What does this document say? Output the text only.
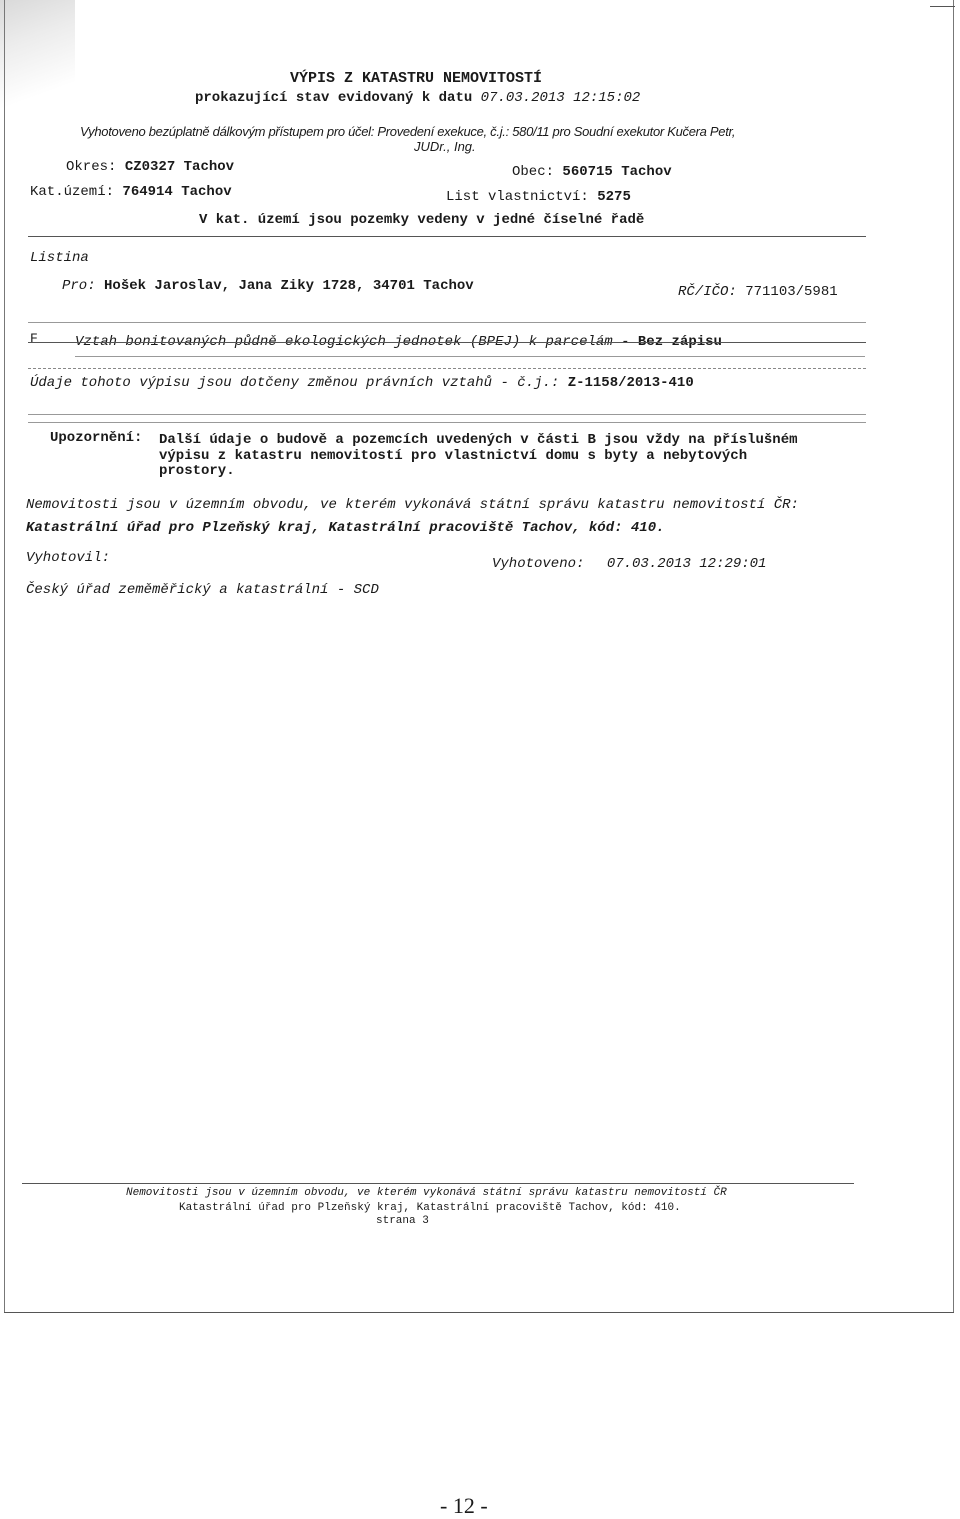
VÝPIS Z KATASTRU NEMOVITOSTÍ
prokazující stav evidovaný k datu 07.03.2013 12:15:02
Vyhotoveno bezúplatně dálkovým přístupem pro účel: Provedení exekuce, č.j.: 580/11 pro Soudní exekutor Kučera Petr,
JUDr., Ing.
Okres: CZ0327 Tachov	Obec: 560715 Tachov
Kat.území: 764914 Tachov	List vlastnictví: 5275
V kat. území jsou pozemky vedeny v jedné číselné řadě
Listina
Pro: Hošek Jaroslav, Jana Ziky 1728, 34701 Tachov	RČ/IČO: 771103/5981
F	Vztah bonitovaných půdně ekologických jednotek (BPEJ) k parcelám - Bez zápisu
Údaje tohoto výpisu jsou dotčeny změnou právních vztahů - č.j.: Z-1158/2013-410
Upozornění: Další údaje o budově a pozemcích uvedených v části B jsou vždy na příslušném
výpisu z katastru nemovitostí pro vlastnictví domu s byty a nebytových
prostory.
Nemovitosti jsou v územním obvodu, ve kterém vykonává státní správu katastru nemovitostí ČR:
Katastrální úřad pro Plzeňský kraj, Katastrální pracoviště Tachov, kód: 410.
Vyhotovil:	Vyhotoveno: 07.03.2013 12:29:01
Český úřad zeměměřický a katastrální - SCD
Nemovitosti jsou v územním obvodu, ve kterém vykonává státní správu katastru nemovitostí ČR
Katastrální úřad pro Plzeňský kraj, Katastrální pracoviště Tachov, kód: 410.
strana 3
- 12 -
